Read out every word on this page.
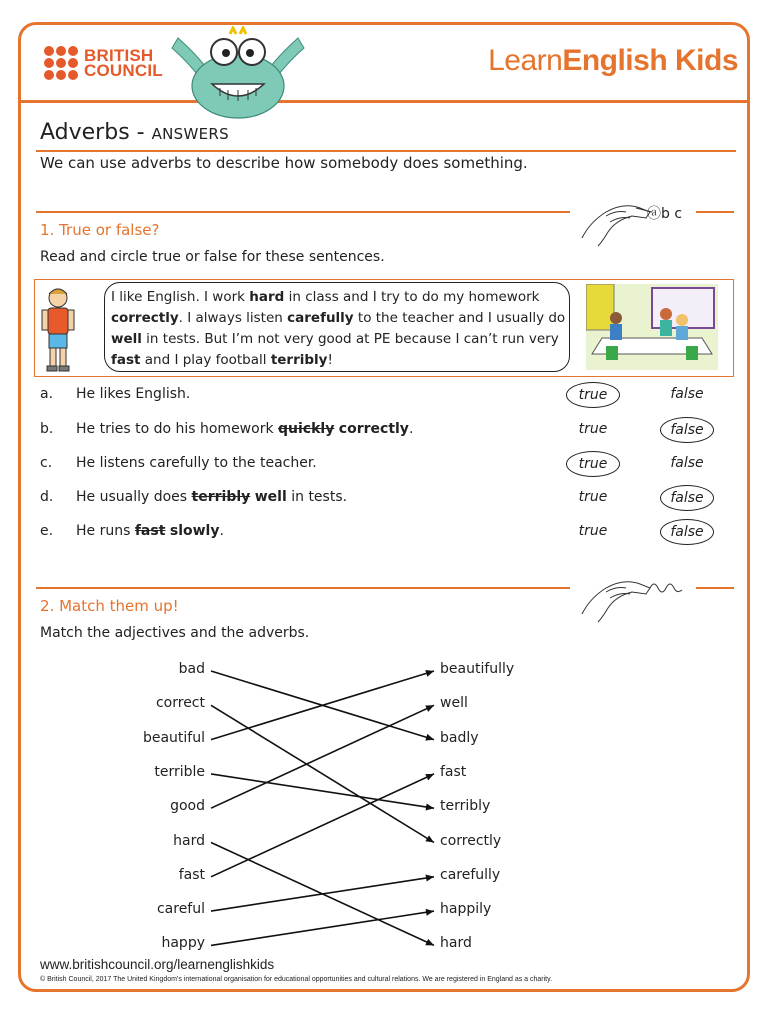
BRITISH
COUNCIL	LearnEnglish Kids
Adverbs - ANSWERS
We can use adverbs to describe how somebody does something.
ⓐb c
1. True or false?
Read and circle true or false for these sentences.
I like English. I work hard in class and I try to do my homework correctly. I always listen carefully to the teacher and I usually do well in tests. But I’m not very good at PE because I can’t run very fast and I play football terribly!
a. He likes English.	true	false
b. He tries to do his homework quickly correctly.	true	false
c. He listens carefully to the teacher.	true	false
d. He usually does terribly well in tests.	true	false
e. He runs fast slowly.	true	false
2. Match them up!
Match the adjectives and the adverbs.
bad
correct
beautiful
terrible
good
hard
fast
careful
happy
beautifully
well
badly
fast
terribly
correctly
carefully
happily
hard
www.britishcouncil.org/learnenglishkids
© British Council, 2017 The United Kingdom’s international organisation for educational opportunities and cultural relations. We are registered in England as a charity.
